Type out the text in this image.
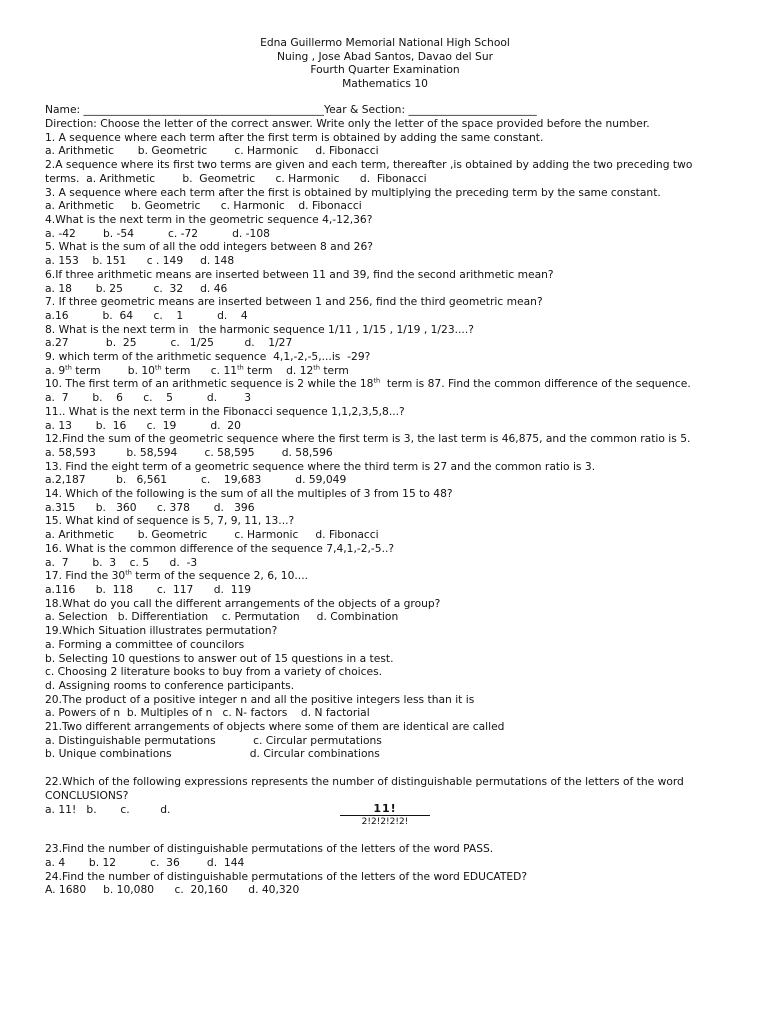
Edna Guillermo Memorial National High School
Nuing , Jose Abad Santos, Davao del Sur
Fourth Quarter Examination
Mathematics 10
Name: _____________________________________________Year & Section: ________________________
Direction: Choose the letter of the correct answer. Write only the letter of the space provided before the number.
1. A sequence where each term after the first term is obtained by adding the same constant.
a. Arithmetic       b. Geometric        c. Harmonic     d. Fibonacci
2.A sequence where its first two terms are given and each term, thereafter ,is obtained by adding the two preceding two
terms.  a. Arithmetic        b.  Geometric      c. Harmonic      d.  Fibonacci
3. A sequence where each term after the first is obtained by multiplying the preceding term by the same constant.
a. Arithmetic     b. Geometric      c. Harmonic    d. Fibonacci
4.What is the next term in the geometric sequence 4,-12,36?
a. -42        b. -54          c. -72          d. -108
5. What is the sum of all the odd integers between 8 and 26?
a. 153    b. 151      c . 149     d. 148
6.If three arithmetic means are inserted between 11 and 39, find the second arithmetic mean?
a. 18       b. 25         c.  32     d. 46
7. If three geometric means are inserted between 1 and 256, find the third geometric mean?
a.16          b.  64      c.    1          d.    4
8. What is the next term in   the harmonic sequence 1/11 , 1/15 , 1/19 , 1/23....?
a.27           b.  25          c.   1/25         d.    1/27
9. which term of the arithmetic sequence  4,1,-2,-5,...is  -29?
a. 9th term        b. 10th term      c. 11th term    d. 12th term
10. The first term of an arithmetic sequence is 2 while the 18th  term is 87. Find the common difference of the sequence.
a.  7       b.    6      c.    5          d.        3
11.. What is the next term in the Fibonacci sequence 1,1,2,3,5,8...?
a. 13       b.  16      c.  19          d.  20
12.Find the sum of the geometric sequence where the first term is 3, the last term is 46,875, and the common ratio is 5.
a. 58,593         b. 58,594        c. 58,595        d. 58,596
13. Find the eight term of a geometric sequence where the third term is 27 and the common ratio is 3.
a.2,187         b.   6,561          c.    19,683          d. 59,049
14. Which of the following is the sum of all the multiples of 3 from 15 to 48?
a.315      b.   360      c. 378       d.   396
15. What kind of sequence is 5, 7, 9, 11, 13...?
a. Arithmetic       b. Geometric        c. Harmonic     d. Fibonacci
16. What is the common difference of the sequence 7,4,1,-2,-5..?
a.  7       b.  3    c. 5      d.  -3
17. Find the 30th term of the sequence 2, 6, 10....
a.116      b.  118       c.  117      d.  119
18.What do you call the different arrangements of the objects of a group?
a. Selection   b. Differentiation    c. Permutation     d. Combination
19.Which Situation illustrates permutation?
a. Forming a committee of councilors
b. Selecting 10 questions to answer out of 15 questions in a test.
c. Choosing 2 literature books to buy from a variety of choices.
d. Assigning rooms to conference participants.
20.The product of a positive integer n and all the positive integers less than it is
a. Powers of n  b. Multiples of n   c. N- factors    d. N factorial
21.Two different arrangements of objects where some of them are identical are called
a. Distinguishable permutations           c. Circular permutations
b. Unique combinations                       d. Circular combinations
22.Which of the following expressions represents the number of distinguishable permutations of the letters of the word
CONCLUSIONS?
a. 11!   b.       c.         d.	11!
2!2!2!2!2!
23.Find the number of distinguishable permutations of the letters of the word PASS.
a. 4       b. 12          c.  36        d.  144
24.Find the number of distinguishable permutations of the letters of the word EDUCATED?
A. 1680     b. 10,080      c.  20,160      d. 40,320
